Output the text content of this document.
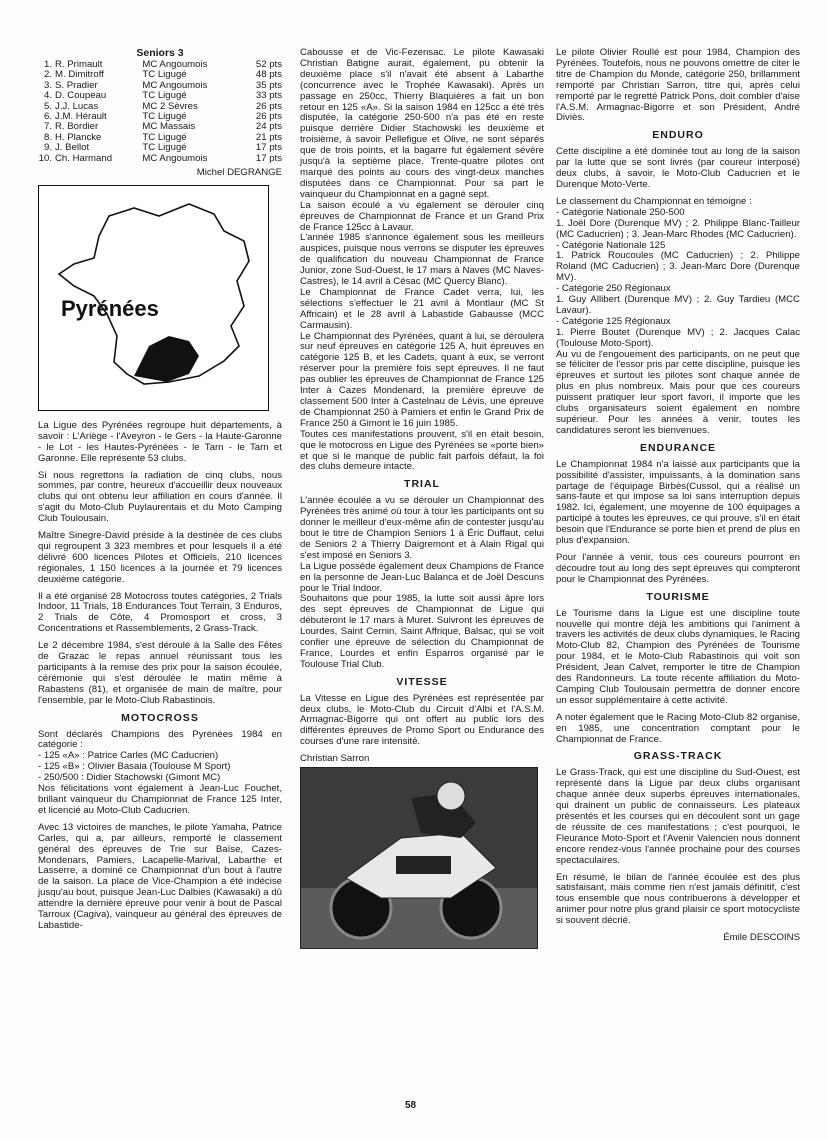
Seniors 3
1.	R. Primault	MC Angoumois	52 pts
2.	M. Dimitroff	TC Ligugé	48 pts
3.	S. Pradier	MC Angoumois	35 pts
4.	D. Coupeau	TC Ligugé	33 pts
5.	J.J. Lucas	MC 2 Sèvres	26 pts
6.	J.M. Hérault	TC Ligugé	26 pts
7.	R. Bordier	MC Massais	24 pts
8.	H. Plancke	TC Ligugé	21 pts
9.	J. Bellot	TC Ligugé	17 pts
10.	Ch. Harmand	MC Angoumois	17 pts
Michel DEGRANGE
Pyrénées

La Ligue des Pyrénées regroupe huit départements, à savoir : L'Ariège - l'Aveyron - le Gers - la Haute-Garonne - le Lot - les Hautes-Pyrénées - le Tarn - le Tarn et Garonne. Elle représente 53 clubs.

Si nous regrettons la radiation de cinq clubs, nous sommes, par contre, heureux d'accueillir deux nouveaux clubs qui ont obtenu leur affiliation en cours d'année. Il s'agit du Moto-Club Puylaurentais et du Moto Camping Club Toulousain.

Maître Sinegre-David préside à la destinée de ces clubs qui regroupent 3 323 membres et pour lesquels il a été délivré 600 licences Pilotes et Officiels, 210 licences régionales, 1 150 licences à la journée et 79 licences deuxième catégorie.

Il a été organisé 28 Motocross toutes catégories, 2 Trials Indoor, 11 Trials, 18 Endurances Tout Terrain, 3 Enduros, 2 Trials de Côte, 4 Promosport et cross, 3 Concentrations et Rassemblements, 2 Grass-Track.

Le 2 décembre 1984, s'est déroulé à la Salle des Fêtes de Grazac le repas annuel réunissant tous les participants à la remise des prix pour la saison écoulée, cérémonie qui s'est déroulée le matin même à Rabastens (81), et organisée de main de maître, pour l'ensemble, par le Moto-Club Rabastinois.

MOTOCROSS

Sont déclarés Champions des Pyrénées 1984 en catégorie :

- 125 «A» : Patrice Carles (MC Caducrien)
- 125 «B» : Olivier Basaia (Toulouse M Sport)
- 250/500 : Didier Stachowski (Gimont MC)

Nos félicitations vont également à Jean-Luc Fouchet, brillant vainqueur du Championnat de France 125 Inter, et licencié au Moto-Club Caducrien.

Avec 13 victoires de manches, le pilote Yamaha, Patrice Carles, qui a, par ailleurs, remporté le classement général des épreuves de Trie sur Baïse, Cazes-Mondenars, Pamiers, Lacapelle-Marival, Labarthe et Lasserre, a dominé ce Championnat d'un bout à l'autre de la saison. La place de Vice-Champion a été indécise jusqu'au bout, puisque Jean-Luc Dalbies (Kawasaki) a dû attendre la dernière épreuve pour venir à bout de Pascal Tarroux (Cagiva), vainqueur au général des épreuves de Labastide-

Cabousse et de Vic-Fezensac. Le pilote Kawasaki Christian Batigne aurait, également, pu obtenir la deuxième place s'il n'avait été absent à Labarthe (concurrence avec le Trophée Kawasaki). Après un passage en 250cc, Thierry Blaquières a fait un bon retour en 125 «A». Si la saison 1984 en 125cc a été très disputée, la catégorie 250-500 n'a pas été en reste puisque derrière Didier Stachowski les deuxième et troisième, à savoir Pellefigue et Olive, ne sont séparés que de trois points, et la bagarre fut également sévère jusqu'à la septième place. Trente-quatre pilotes ont marqué des points au cours des vingt-deux manches disputées dans ce Championnat. Pour sa part le vainqueur du Championnat en a gagné sept.

La saison écoulé a vu également se dérouler cinq épreuves de Championnat de France et un Grand Prix de France 125cc à Lavaur.

L'année 1985 s'annonce également sous les meilleurs auspices, puisque nous verrons se disputer les épreuves de qualification du nouveau Championnat de France Junior, zone Sud-Ouest, le 17 mars à Naves (MC Naves-Castres), le 14 avril à Césac (MC Quercy Blanc).

Le Championnat de France Cadet verra, lui, les sélections s'effectuer le 21 avril à Montlaur (MC St Affricain) et le 28 avril à Labastide Gabausse (MCC Carmausin).

Le Championnat des Pyrénées, quant à lui, se déroulera sur neuf épreuves en catégorie 125 A, huit épreuves en catégorie 125 B, et les Cadets, quant à eux, se verront réserver pour la première fois sept épreuves. Il ne faut pas oublier les épreuves de Championnat de France 125 Inter à Cazes Mondenard, la première épreuve de classement 500 Inter à Castelnau de Lévis, une épreuve de Championnat 250 à Pamiers et enfin le Grand Prix de France 250 à Gimont le 16 juin 1985.

Toutes ces manifestations prouvent, s'il en était besoin, que le motocross en Ligue des Pyrénées se «porte bien» et que si le manque de public fait parfois défaut, la foi des clubs demeure intacte.

TRIAL

L'année écoulée a vu se dérouler un Championnat des Pyrénées très animé où tour à tour les participants ont su donner le meilleur d'eux-même afin de contester jusqu'au bout le titre de Champion Seniors 1 à Éric Duffaut, celui de Seniors 2 à Thierry Daigremont et à Alain Rigal qui s'est imposé en Seniors 3.

La Ligue possède également deux Champions de France en la personne de Jean-Luc Balanca et de Joël Descuns pour le Trial Indoor.

Souhaitons que pour 1985, la lutte soit aussi âpre lors des sept épreuves de Championnat de Ligue qui débuteront le 17 mars à Muret. Suivront les épreuves de Lourdes, Saint Cernin, Saint Affrique, Balsac, qui se voit confier une épreuve de sélection du Championnat de France, Lourdes et enfin Esparros organisé par le Toulouse Trial Club.

VITESSE

La Vitesse en Ligue des Pyrénées est représentée par deux clubs, le Moto-Club du Circuit d'Albi et l'A.S.M. Armagnac-Bigorre qui ont offert au public lors des différentes épreuves de Promo Sport ou Endurance des courses d'une rare intensité.

Christian Sarron

Le pilote Olivier Roullé est pour 1984, Champion des Pyrénées. Toutefois, nous ne pouvons omettre de citer le titre de Champion du Monde, catégorie 250, brillamment remporté par Christian Sarron, titre qui, après celui remporté par le regretté Patrick Pons, doit combler d'aise l'A.S.M. Armagnac-Bigorre et son Président, André Diviès.

ENDURO

Cette discipline a été dominée tout au long de la saison par la lutte que se sont livrés (par coureur interposé) deux clubs, à savoir, le Moto-Club Caducrien et le Durenque Moto-Verte.

Le classement du Championnat en témoigne :
- Catégorie Nationale 250-500
1. Joël Dore (Durenque MV) ; 2. Philippe Blanc-Tailleur (MC Caducrien) ; 3. Jean-Marc Rhodes (MC Caducrien).
- Catégorie Nationale 125
1. Patrick Roucoules (MC Caducrien) ; 2. Philippe Roland (MC Caducrien) ; 3. Jean-Marc Dore (Durenque MV).
- Catégorie 250 Régionaux
1. Guy Allibert (Durenque MV) ; 2. Guy Tardieu (MCC Lavaur).
- Catégorie 125 Régionaux
1. Pierre Boutet (Durenque MV) ; 2. Jacques Calac (Toulouse Moto-Sport).

Au vu de l'engouement des participants, on ne peut que se féliciter de l'essor pris par cette discipline, puisque les épreuves et surtout les pilotes sont chaque année de plus en plus nombreux. Mais pour que ces coureurs puissent pratiquer leur sport favori, il importe que les clubs organisateurs soient également en nombre supérieur. Pour les années à venir, toutes les candidatures seront les bienvenues.

ENDURANCE

Le Championnat 1984 n'a laissé aux participants que la possibilité d'assister, impuissants, à la domination sans partage de l'équipage Birbès(Cussol, qui a réalisé un sans-faute et qui impose sa loi sans interruption depuis 1982. Ici, également, une moyenne de 100 équipages a participé à toutes les épreuves, ce qui prouve, s'il en était besoin que l'Endurance se porte bien et prend de plus en plus d'expansion.

Pour l'année à venir, tous ces coureurs pourront en découdre tout au long des sept épreuves qui compteront pour le Championnat des Pyrénées.

TOURISME

Le Tourisme dans la Ligue est une discipline toute nouvelle qui montre déjà les ambitions qui l'animent à travers les activités de deux clubs dynamiques, le Racing Moto-Club 82, Champion des Pyrénées de Tourisme pour 1984, et le Moto-Club Rabastinois qui voit son Président, Jean Calvet, remporter le titre de Champion des Randonneurs. La toute récente affiliation du Moto-Camping Club Toulousain permettra de donner encore un essor supplémentaire à cette activité.

A noter également que le Racing Moto-Club 82 organise, en 1985, une concentration comptant pour le Championnat de France.

GRASS-TRACK

Le Grass-Track, qui est une discipline du Sud-Ouest, est représenté dans la Ligue par deux clubs organisant chaque année deux superbs épreuves internationales, qui drainent un public de connaisseurs. Les plateaux présentés et les courses qui en découlent sont un gage de réussite de ces manifestations ; c'est pourquoi, le Fleurance Moto-Sport et l'Avenir Valencien nous donnent encore rendez-vous l'année prochaine pour des courses spectaculaires.

En résumé, le bilan de l'année écoulée est des plus satisfaisant, mais comme rien n'est jamais définitif, c'est tous ensemble que nous contribuerons à développer et animer pour notre plus grand plaisir ce sport motocycliste si souvent décrié.

Émile DESCOINS
58
